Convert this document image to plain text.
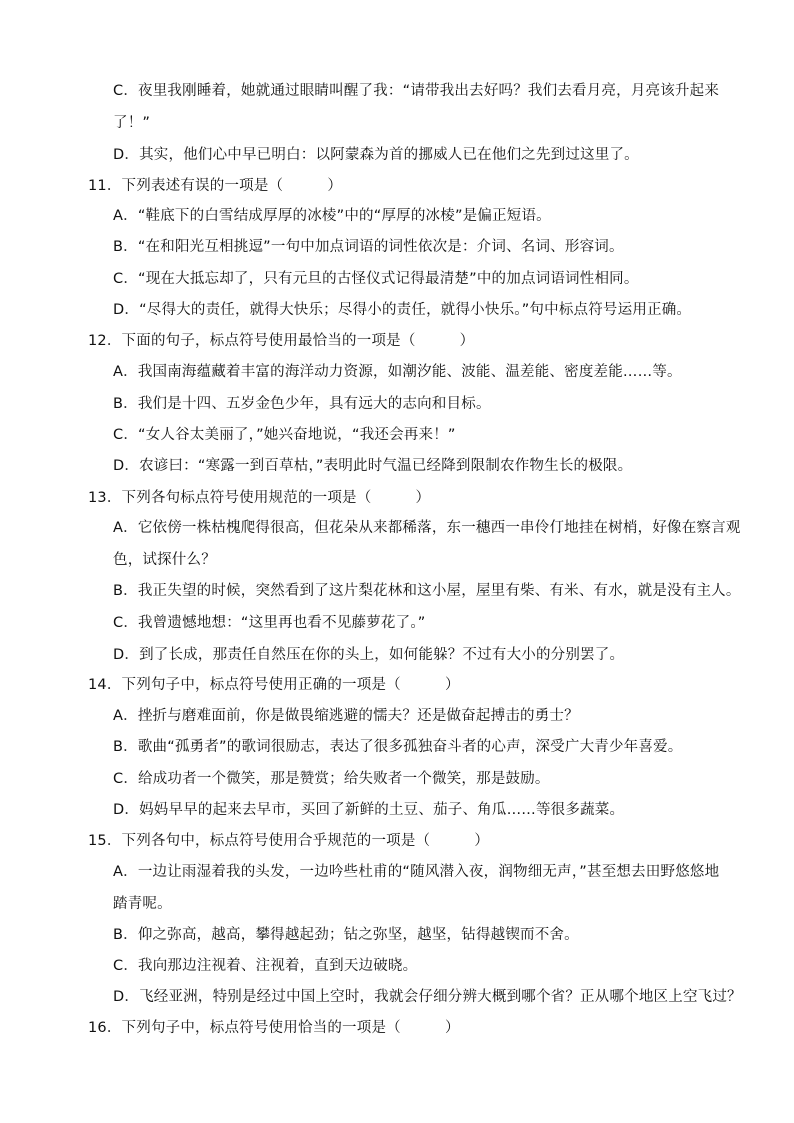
C．夜里我刚睡着，她就通过眼睛叫醒了我：“请带我出去好吗？我们去看月亮，月亮该升起来
了！”
D．其实，他们心中早已明白：以阿蒙森为首的挪威人已在他们之先到过这里了。
11．下列表述有误的一项是（　　　）
A．“鞋底下的白雪结成厚厚的冰棱”中的“厚厚的冰棱”是偏正短语。
B．“在和阳光互相挑逗”一句中加点词语的词性依次是：介词、名词、形容词。
C．“现在大抵忘却了，只有元旦的古怪仪式记得最清楚”中的加点词语词性相同。
D．“尽得大的责任，就得大快乐；尽得小的责任，就得小快乐。”句中标点符号运用正确。
12．下面的句子，标点符号使用最恰当的一项是（　　　）
A．我国南海蕴藏着丰富的海洋动力资源，如潮汐能、波能、温差能、密度差能……等。
B．我们是十四、五岁金色少年，具有远大的志向和目标。
C．“女人谷太美丽了，”她兴奋地说，“我还会再来！”
D．农谚曰：“寒露一到百草枯，”表明此时气温已经降到限制农作物生长的极限。
13．下列各句标点符号使用规范的一项是（　　　）
A．它依傍一株枯槐爬得很高，但花朵从来都稀落，东一穗西一串伶仃地挂在树梢，好像在察言观
色，试探什么？
B．我正失望的时候，突然看到了这片梨花林和这小屋，屋里有柴、有米、有水，就是没有主人。
C．我曾遗憾地想：“这里再也看不见藤萝花了。”
D．到了长成，那责任自然压在你的头上，如何能躲？不过有大小的分别罢了。
14．下列句子中，标点符号使用正确的一项是（　　　）
A．挫折与磨难面前，你是做畏缩逃避的懦夫？还是做奋起搏击的勇士？
B．歌曲“孤勇者”的歌词很励志，表达了很多孤独奋斗者的心声，深受广大青少年喜爱。
C．给成功者一个微笑，那是赞赏；给失败者一个微笑，那是鼓励。
D．妈妈早早的起来去早市，买回了新鲜的土豆、茄子、角瓜……等很多蔬菜。
15．下列各句中，标点符号使用合乎规范的一项是（　　　）
A．一边让雨湿着我的头发，一边吟些杜甫的“随风潜入夜，润物细无声，”甚至想去田野悠悠地
踏青呢。
B．仰之弥高，越高，攀得越起劲；钻之弥坚，越坚，钻得越锲而不舍。
C．我向那边注视着、注视着，直到天边破晓。
D．飞经亚洲，特别是经过中国上空时，我就会仔细分辨大概到哪个省？正从哪个地区上空飞过？
16．下列句子中，标点符号使用恰当的一项是（　　　）
